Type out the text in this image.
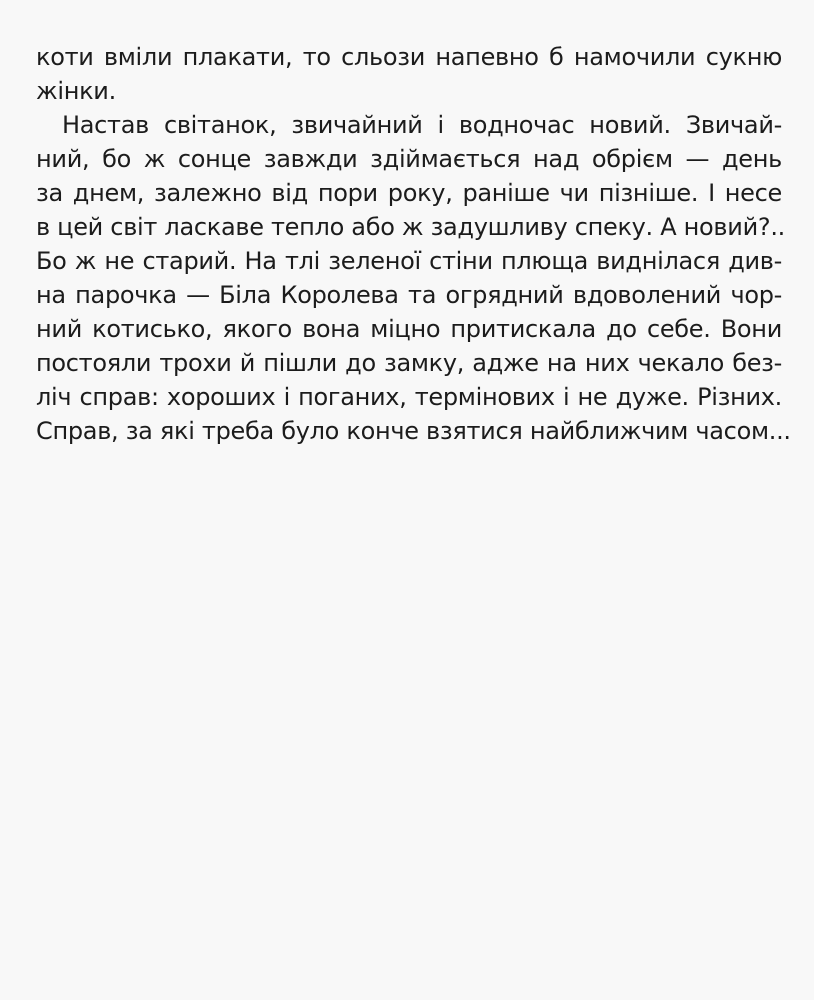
коти вміли плакати, то сльози напевно б намочили сукню
жінки.
Настав світанок, звичайний і водночас новий. Звичай-
ний, бо ж сонце завжди здіймається над обрієм — день
за днем, залежно від пори року, раніше чи пізніше. І несе
в цей світ ласкаве тепло або ж задушливу спеку. А новий?..
Бо ж не старий. На тлі зеленої стіни плюща виднілася див-
на парочка — Біла Королева та огрядний вдоволений чор-
ний котисько, якого вона міцно притискала до себе. Вони
постояли трохи й пішли до замку, адже на них чекало без-
ліч справ: хороших і поганих, термінових і не дуже. Різних.
Справ, за які треба було конче взятися найближчим часом...
